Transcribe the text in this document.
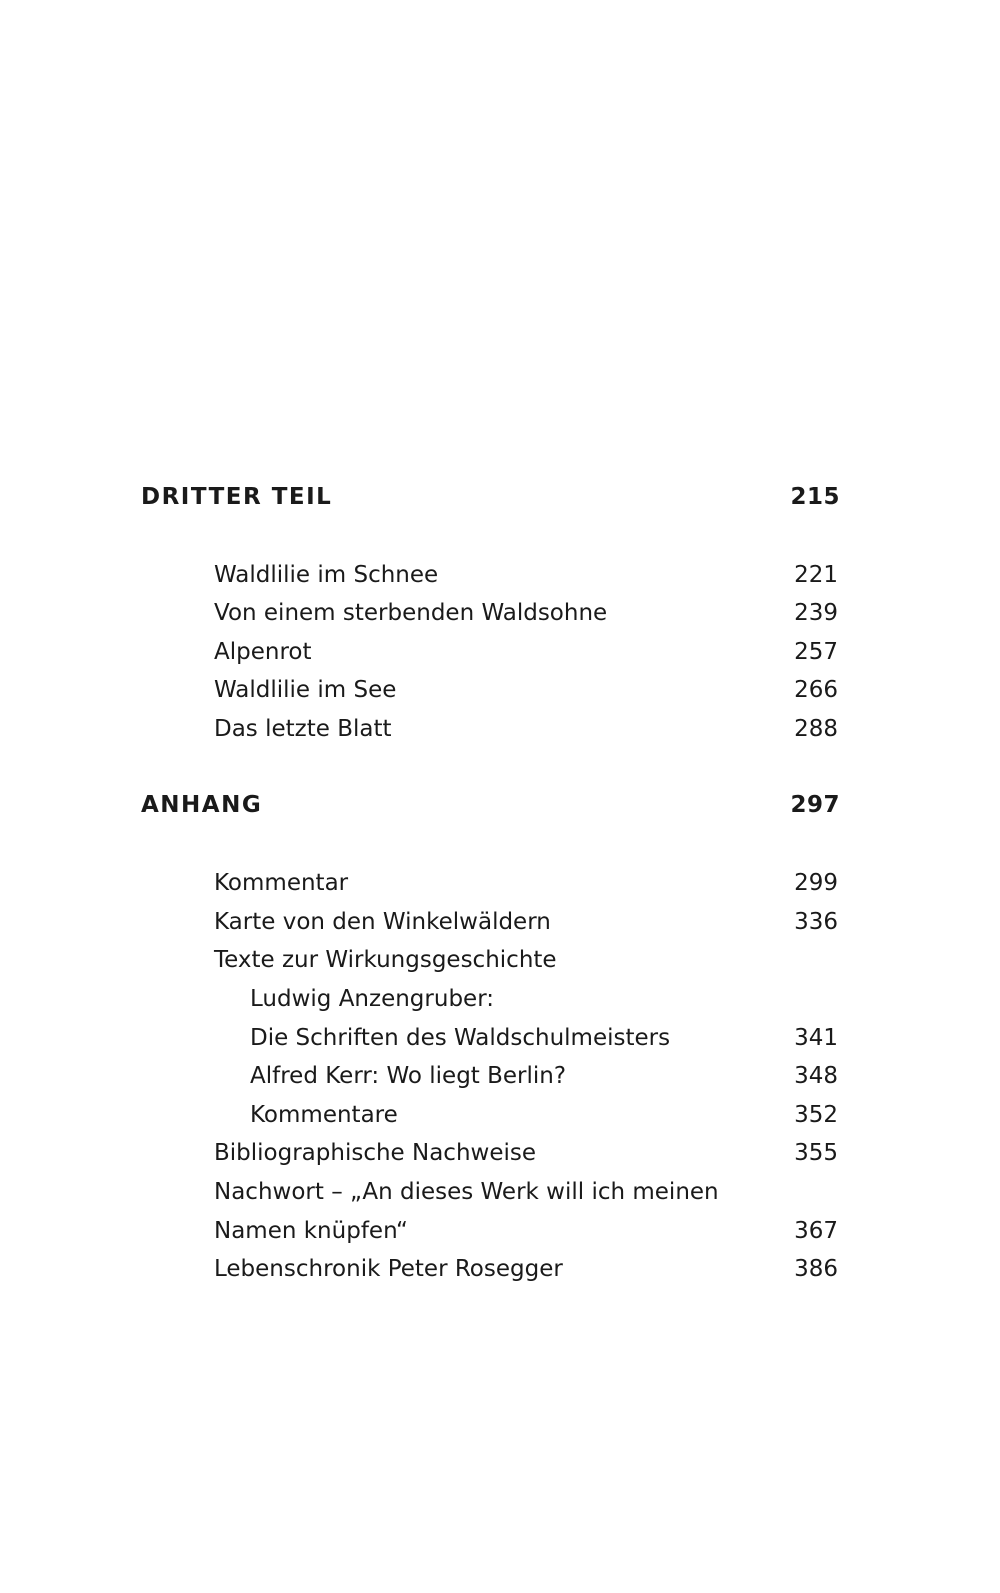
DRITTER TEIL	215
Waldlilie im Schnee	221
Von einem sterbenden Waldsohne	239
Alpenrot	257
Waldlilie im See	266
Das letzte Blatt	288
ANHANG	297
Kommentar	299
Karte von den Winkelwäldern	336
Texte zur Wirkungsgeschichte
Ludwig Anzengruber:
Die Schriften des Waldschulmeisters	341
Alfred Kerr: Wo liegt Berlin?	348
Kommentare	352
Bibliographische Nachweise	355
Nachwort – „An dieses Werk will ich meinen
Namen knüpfen“	367
Lebenschronik Peter Rosegger	386
